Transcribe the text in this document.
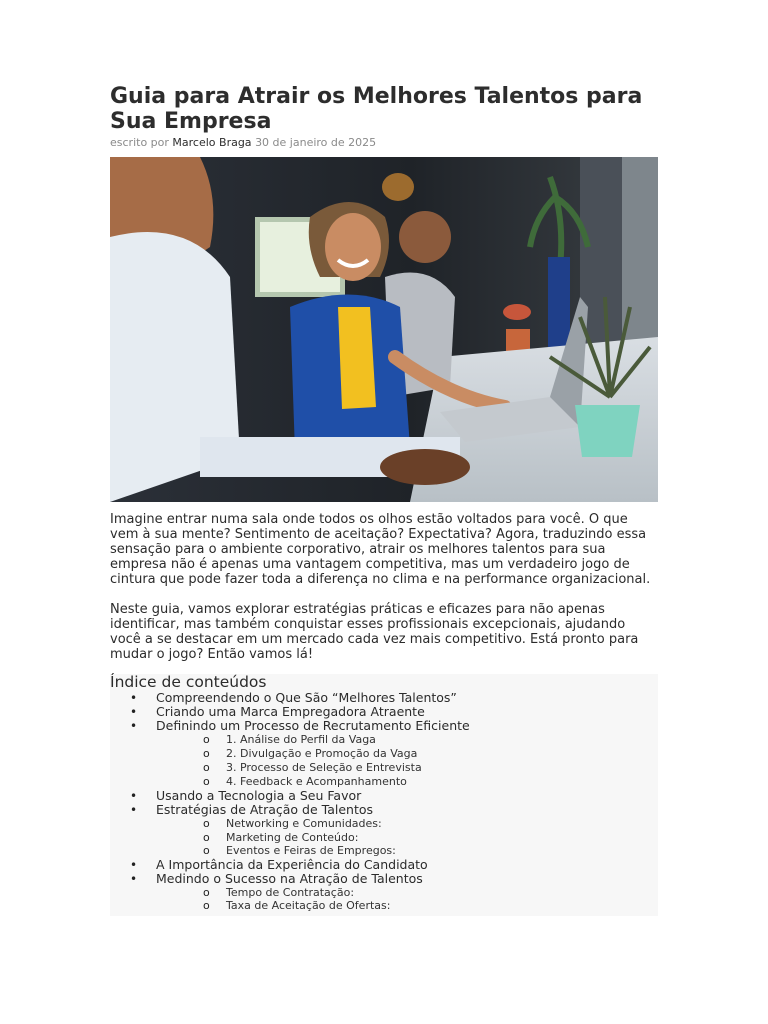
Guia para Atrair os Melhores Talentos para Sua Empresa
escrito por Marcelo Braga 30 de janeiro de 2025

Imagine entrar numa sala onde todos os olhos estão voltados para você. O que vem à sua mente? Sentimento de aceitação? Expectativa? Agora, traduzindo essa sensação para o ambiente corporativo, atrair os melhores talentos para sua empresa não é apenas uma vantagem competitiva, mas um verdadeiro jogo de cintura que pode fazer toda a diferença no clima e na performance organizacional.

Neste guia, vamos explorar estratégias práticas e eficazes para não apenas identificar, mas também conquistar esses profissionais excepcionais, ajudando você a se destacar em um mercado cada vez mais competitivo. Está pronto para mudar o jogo? Então vamos lá!

Índice de conteúdos
• Compreendendo o Que São “Melhores Talentos”
• Criando uma Marca Empregadora Atraente
• Definindo um Processo de Recrutamento Eficiente
o 1. Análise do Perfil da Vaga
o 2. Divulgação e Promoção da Vaga
o 3. Processo de Seleção e Entrevista
o 4. Feedback e Acompanhamento
• Usando a Tecnologia a Seu Favor
• Estratégias de Atração de Talentos
o Networking e Comunidades:
o Marketing de Conteúdo:
o Eventos e Feiras de Empregos:
• A Importância da Experiência do Candidato
• Medindo o Sucesso na Atração de Talentos
o Tempo de Contratação:
o Taxa de Aceitação de Ofertas:
